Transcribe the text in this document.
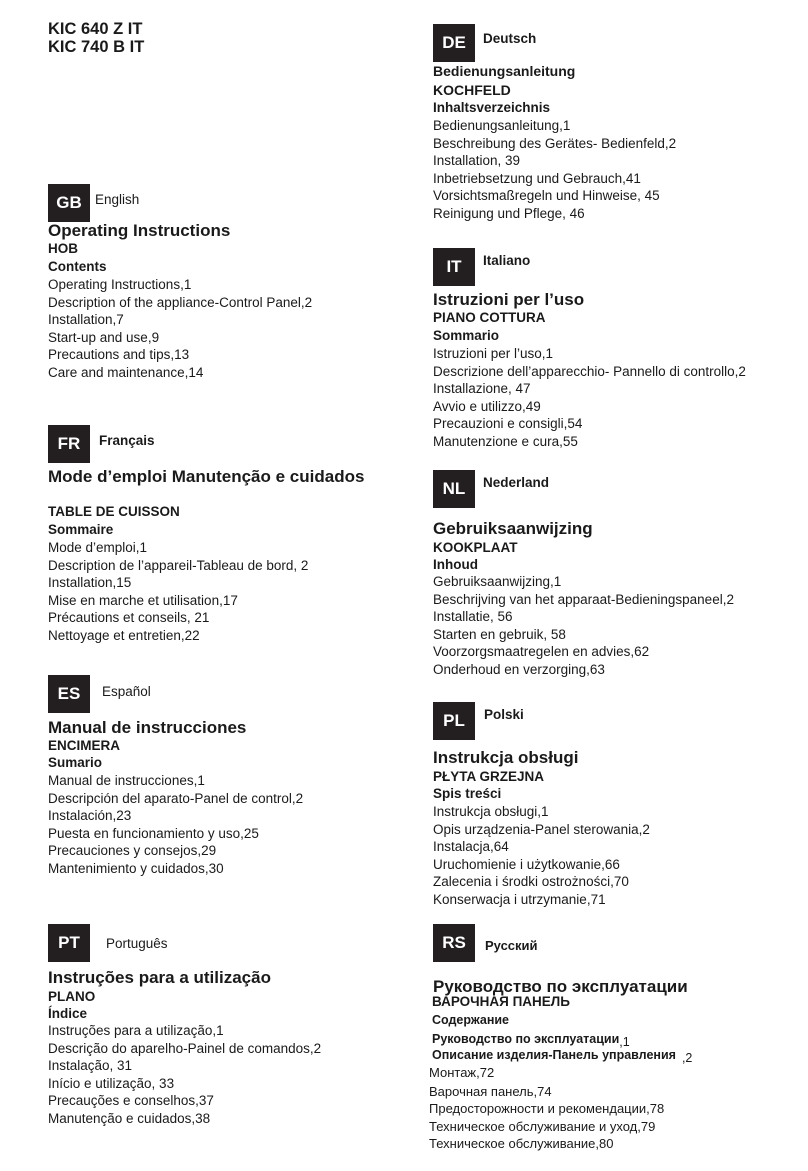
KIC 640 Z IT
KIC 740 B IT
GB English
Operating Instructions
HOB
Contents
Operating Instructions,1
Description of the appliance-Control Panel,2
Installation,7
Start-up and use,9
Precautions and tips,13
Care and maintenance,14
FR	Français
Mode d’emploi Manutenção e cuidados
TABLE DE CUISSON
Sommaire
Mode d’emploi,1
Description de l’appareil-Tableau de bord, 2
Installation,15
Mise en marche et utilisation,17
Précautions et conseils, 21
Nettoyage et entretien,22
ES	Español
Manual de instrucciones
ENCIMERA
Sumario
Manual de instrucciones,1
Descripción del aparato-Panel de control,2
Instalación,23
Puesta en funcionamiento y uso,25
Precauciones y consejos,29
Mantenimiento y cuidados,30
PT	Português
Instruções para a utilização
PLANO
Índice
Instruções para a utilização,1
Descrição do aparelho-Painel de comandos,2
Instalação, 31
Início e utilização, 33
Precauções e conselhos,37
Manutenção e cuidados,38
DE	Deutsch
Bedienungsanleitung
KOCHFELD
Inhaltsverzeichnis
Bedienungsanleitung,1
Beschreibung des Gerätes- Bedienfeld,2
Installation, 39
Inbetriebsetzung und Gebrauch,41
Vorsichtsmaßregeln und Hinweise, 45
Reinigung und Pflege, 46
IT	Italiano
Istruzioni per l’uso
PIANO COTTURA
Sommario
Istruzioni per l’uso,1
Descrizione dell’apparecchio- Pannello di controllo,2
Installazione, 47
Avvio e utilizzo,49
Precauzioni e consigli,54
Manutenzione e cura,55
NL	Nederland
Gebruiksaanwijzing
KOOKPLAAT
Inhoud
Gebruiksaanwijzing,1
Beschrijving van het apparaat-Bedieningspaneel,2
Installatie, 56
Starten en gebruik, 58
Voorzorgsmaatregelen en advies,62
Onderhoud en verzorging,63
PL	Polski
Instrukcja obsługi
PŁYTA GRZEJNA
Spis treści
Instrukcja obsługi,1
Opis urządzenia-Panel sterowania,2
Instalacja,64
Uruchomienie i użytkowanie,66
Zalecenia i środki ostrożności,70
Konserwacja i utrzymanie,71
RS	Русский
Руководство по эксплуатации
ВАРОЧНАЯ ПАНЕЛЬ
Содержание
Руководство по эксплуатации,1
Описание изделия-Панель управления ,2
Монтаж,72
Варочная панель,74
Предосторожности и рекомендации,78
Техническое обслуживание и уход,79
Техническое обслуживание,80
